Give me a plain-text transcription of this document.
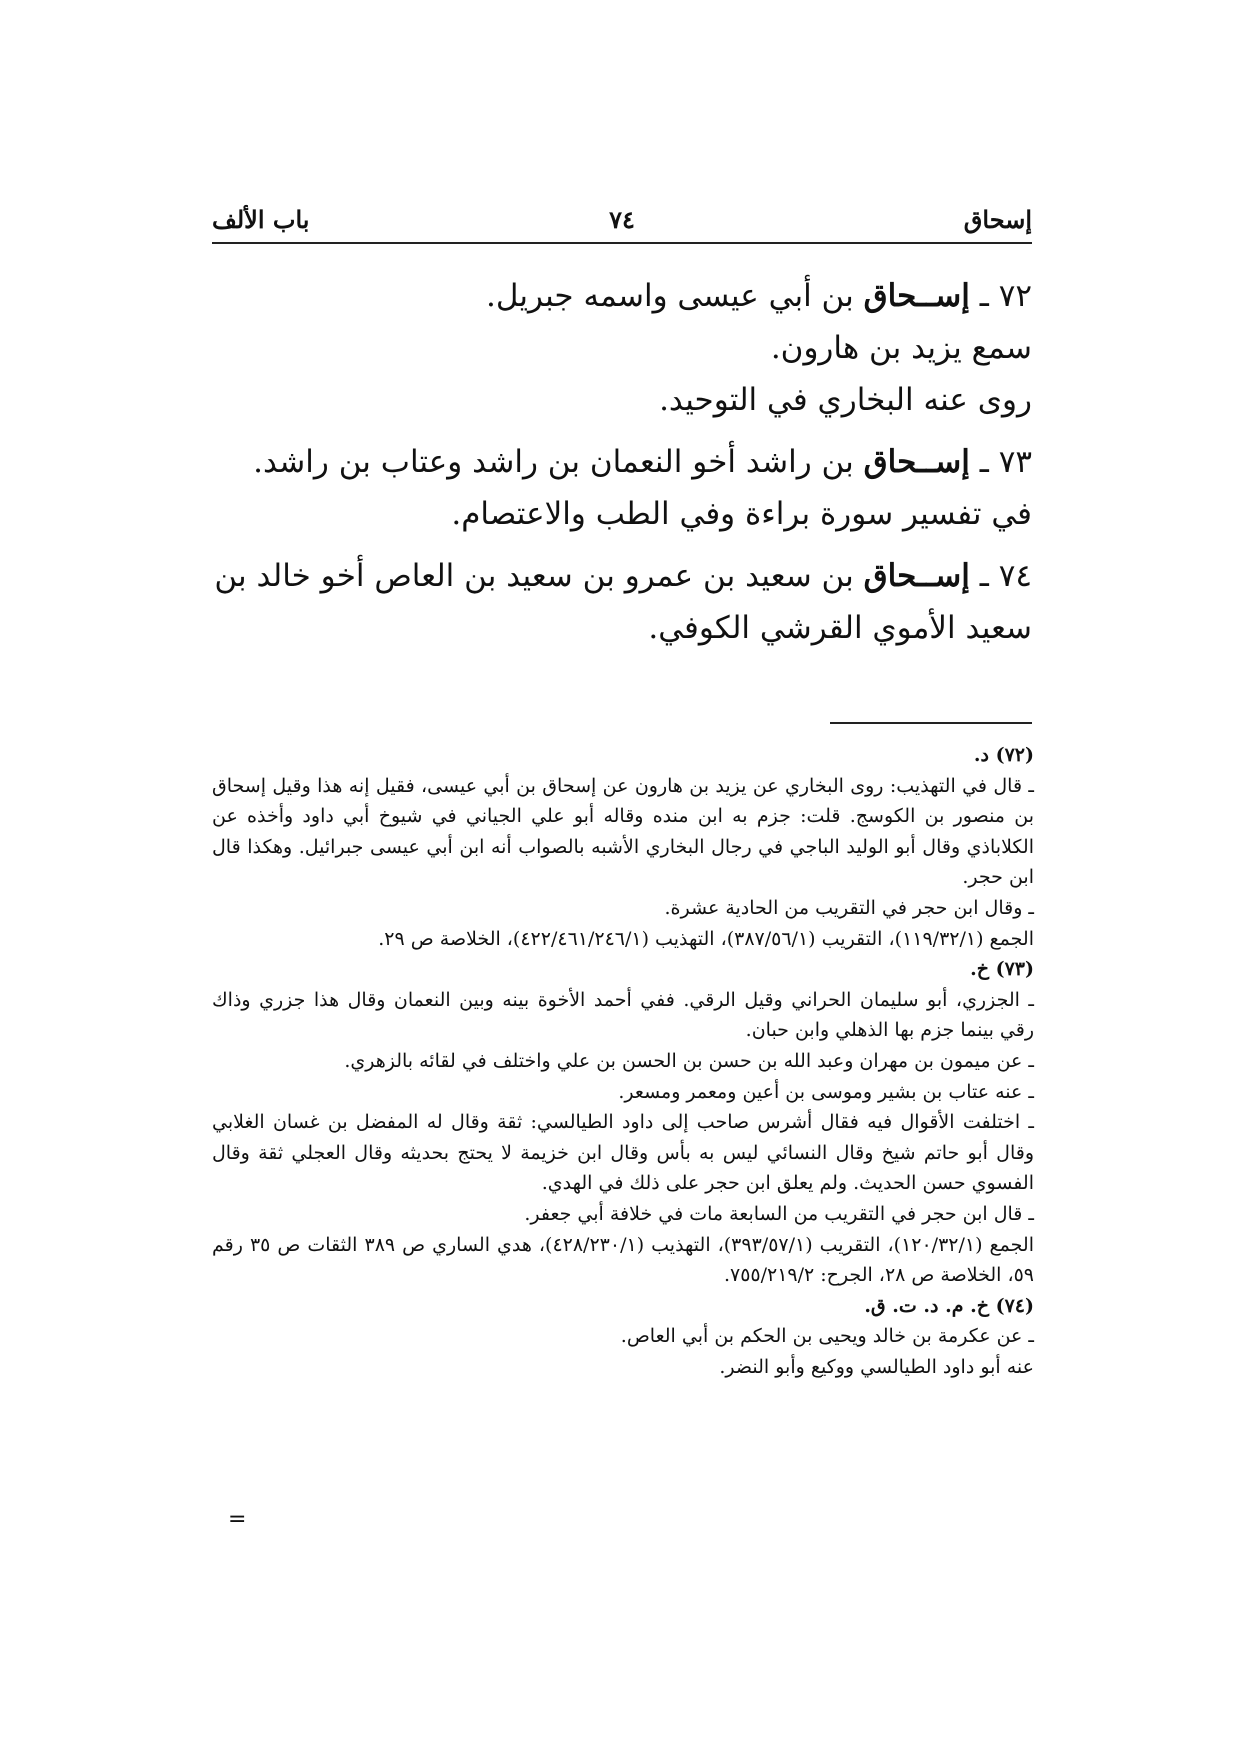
إسحاق
٧٤
باب الألف

٧٢ ـ إســحاق بن أبي عيسى واسمه جبريل.

سمع يزيد بن هارون.

روى عنه البخاري في التوحيد.

٧٣ ـ إســحاق بن راشد أخو النعمان بن راشد وعتاب بن راشد.

في تفسير سورة براءة وفي الطب والاعتصام.

٧٤ ـ إســحاق بن سعيد بن عمرو بن سعيد بن العاص أخو خالد بن سعيد الأموي القرشي الكوفي.

(٧٢) د.

ـ قال في التهذيب: روى البخاري عن يزيد بن هارون عن إسحاق بن أبي عيسى، فقيل إنه هذا وقيل إسحاق بن منصور بن الكوسج. قلت: جزم به ابن منده وقاله أبو علي الجياني في شيوخ أبي داود وأخذه عن الكلاباذي وقال أبو الوليد الباجي في رجال البخاري الأشبه بالصواب أنه ابن أبي عيسى جبرائيل. وهكذا قال ابن حجر.

ـ وقال ابن حجر في التقريب من الحادية عشرة.

الجمع (١١٩/٣٢/١)، التقريب (٣٨٧/٥٦/١)، التهذيب (٤٢٢/٤٦١/٢٤٦/١)، الخلاصة ص ٢٩.

(٧٣) خ.

ـ الجزري، أبو سليمان الحراني وقيل الرقي. ففي أحمد الأخوة بينه وبين النعمان وقال هذا جزري وذاك رقي بينما جزم بها الذهلي وابن حبان.

ـ عن ميمون بن مهران وعبد الله بن حسن بن الحسن بن علي واختلف في لقائه بالزهري.

ـ عنه عتاب بن بشير وموسى بن أعين ومعمر ومسعر.

ـ اختلفت الأقوال فيه فقال أشرس صاحب إلى داود الطيالسي: ثقة وقال له المفضل بن غسان الغلابي وقال أبو حاتم شيخ وقال النسائي ليس به بأس وقال ابن خزيمة لا يحتج بحديثه وقال العجلي ثقة وقال الفسوي حسن الحديث. ولم يعلق ابن حجر على ذلك في الهدي.

ـ قال ابن حجر في التقريب من السابعة مات في خلافة أبي جعفر.

الجمع (١٢٠/٣٢/١)، التقريب (٣٩٣/٥٧/١)، التهذيب (٤٢٨/٢٣٠/١)، هدي الساري ص ٣٨٩ الثقات ص ٣٥ رقم ٥٩، الخلاصة ص ٢٨، الجرح: ٧٥٥/٢١٩/٢.

(٧٤) خ. م. د. ت. ق.

ـ عن عكرمة بن خالد ويحيى بن الحكم بن أبي العاص.

عنه أبو داود الطيالسي ووكيع وأبو النضر.

=
